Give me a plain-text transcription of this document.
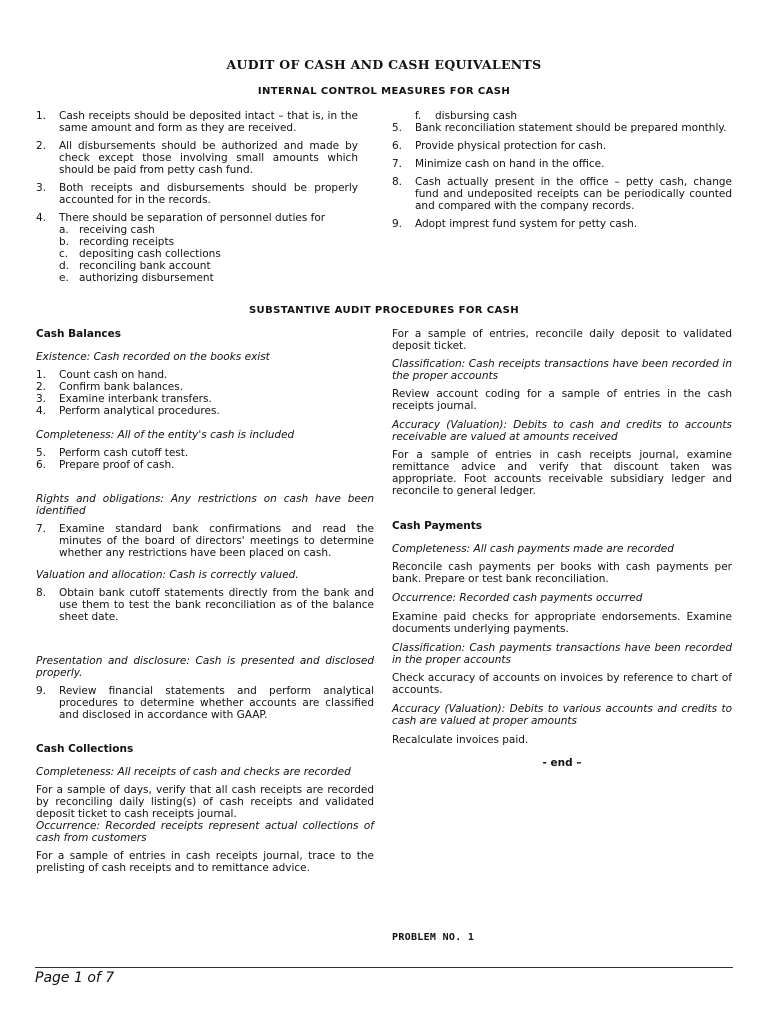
AUDIT OF CASH AND CASH EQUIVALENTS
INTERNAL CONTROL MEASURES FOR CASH
1.	Cash receipts should be deposited intact – that is, in the same amount and form as they are received.
2.	All disbursements should be authorized and made by check except those involving small amounts which should be paid from petty cash fund.
3.	Both receipts and disbursements should be properly accounted for in the records.
4.	There should be separation of personnel duties for
a. receiving cash
b. recording receipts
c.	depositing cash collections
d. reconciling bank account
e. authorizing disbursement
f.	disbursing cash
5.	Bank reconciliation statement should be prepared monthly.
6.	Provide physical protection for cash.
7.	Minimize cash on hand in the office.
8.	Cash actually present in the office – petty cash, change fund and undeposited receipts can be periodically counted and compared with the company records.
9.	Adopt imprest fund system for petty cash.
SUBSTANTIVE AUDIT PROCEDURES FOR CASH
Cash Balances
Existence: Cash recorded on the books exist
1.	Count cash on hand.
2.	Confirm bank balances.
3.	Examine interbank transfers.
4.	Perform analytical procedures.
Completeness: All of the entity's cash is included
5.	Perform cash cutoff test.
6.	Prepare proof of cash.
Rights and obligations: Any restrictions on cash have been identified
7.	Examine standard bank confirmations and read the minutes of the board of directors' meetings to determine whether any restrictions have been placed on cash.
Valuation and allocation: Cash is correctly valued.
8.	Obtain bank cutoff statements directly from the bank and use them to test the bank reconciliation as of the balance sheet date.
Presentation and disclosure: Cash is presented and disclosed properly.
9.	Review financial statements and perform analytical procedures to determine whether accounts are classified and disclosed in accordance with GAAP.
Cash Collections
Completeness: All receipts of cash and checks are recorded
For a sample of days, verify that all cash receipts are recorded by reconciling daily listing(s) of cash receipts and validated deposit ticket to cash receipts journal.
Occurrence: Recorded receipts represent actual collections of cash from customers
For a sample of entries in cash receipts journal, trace to the prelisting of cash receipts and to remittance advice.
For a sample of entries, reconcile daily deposit to validated deposit ticket.
Classification: Cash receipts transactions have been recorded in the proper accounts
Review account coding for a sample of entries in the cash receipts journal.
Accuracy (Valuation): Debits to cash and credits to accounts receivable are valued at amounts received
For a sample of entries in cash receipts journal, examine remittance advice and verify that discount taken was appropriate. Foot accounts receivable subsidiary ledger and reconcile to general ledger.
Cash Payments
Completeness: All cash payments made are recorded
Reconcile cash payments per books with cash payments per bank. Prepare or test bank reconciliation.
Occurrence: Recorded cash payments occurred
Examine paid checks for appropriate endorsements. Examine documents underlying payments.
Classification: Cash payments transactions have been recorded in the proper accounts
Check accuracy of accounts on invoices by reference to chart of accounts.
Accuracy (Valuation): Debits to various accounts and credits to cash are valued at proper amounts
Recalculate invoices paid.
- end –
PROBLEM NO. 1
Page 1 of 7
